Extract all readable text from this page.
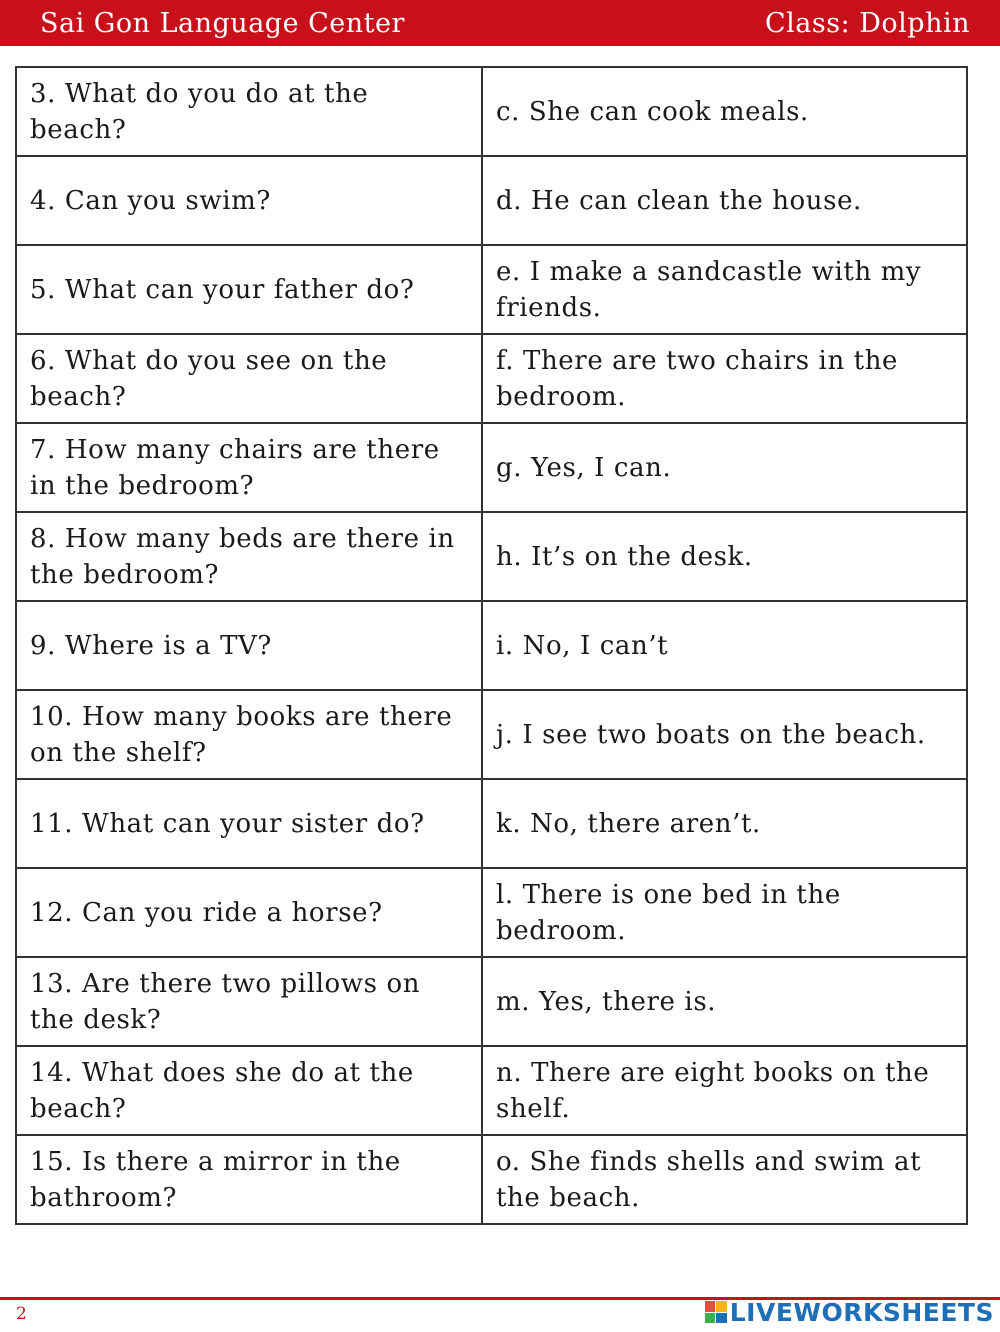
Sai Gon Language Center	Class: Dolphin
3. What do you do at the beach?	c. She can cook meals.
4. Can you swim?	d. He can clean the house.
5. What can your father do?	e. I make a sandcastle with my friends.
6. What do you see on the beach?	f. There are two chairs in the bedroom.
7. How many chairs are there in the bedroom?	g. Yes, I can.
8. How many beds are there in the bedroom?	h. It’s on the desk.
9. Where is a TV?	i. No, I can’t
10. How many books are there on the shelf?	j. I see two boats on the beach.
11. What can your sister do?	k. No, there aren’t.
12. Can you ride a horse?	l. There is one bed in the bedroom.
13. Are there two pillows on the desk?	m. Yes, there is.
14. What does she do at the beach?	n. There are eight books on the shelf.
15. Is there a mirror in the bathroom?	o. She finds shells and swim at the beach.
2	LIVEWORKSHEETS
